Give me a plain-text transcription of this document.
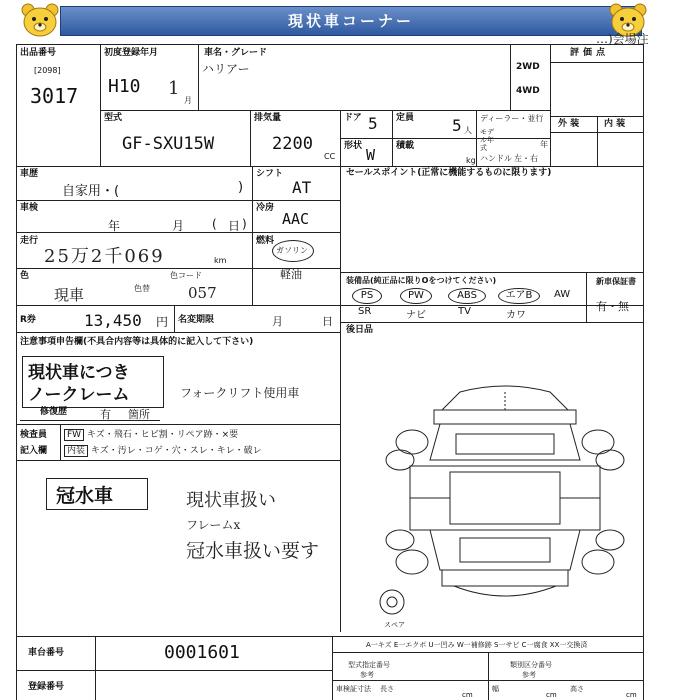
現状車コーナー
…)会場注
出品番号
[2098]
3017
初度登録年月
H10 1
月
車名・グレード
ハリアー	2WD
4WD
評価点
型式
GF-SXU15W
排気量
2200
CC
ドア 5 定員 5 人
ディーラー・並行
モデル年式	年
ハンドル 左・右
形状 W 積載
kg
外 装	内 装
車歴
自家用・(	)
シフト
AT
車検
年	月 ( 日 )
冷房
AAC
走行
25万2千069	km
燃料
ガソリン
軽油
色
現車	色替
色コード
057
セールスポイント(正常に機能するものに限ります)
装備品(純正品に限りOをつけてください)	新車保証書
有・無
PS	PW	ABS	エアB	AW
SR	ナビ	TV	カワ
後日品
R券	13,450 円 名変期限	月	日
注意事項申告欄(不具合内容等は具体的に記入して下さい)
現状車につき
ノークレーム	フォークリフト使用車
修復歴	有 箇所
検査員
記入欄
FW キズ・飛石・ヒビ割・リペア跡・×要
内装 キズ・汚レ・コゲ・穴・スレ・キレ・破レ
冠水車	現状車扱い
フレームx
冠水車扱い要す
スペア
A一キズ E一エクボ U一凹み W一補修跡 S一サビ C一腐食 XX一交換済
車台番号	0001601
登録番号
型式指定番号
参考
類別区分番号
参考
車検証寸法 長さ
cm
幅
cm
高さ
cm
